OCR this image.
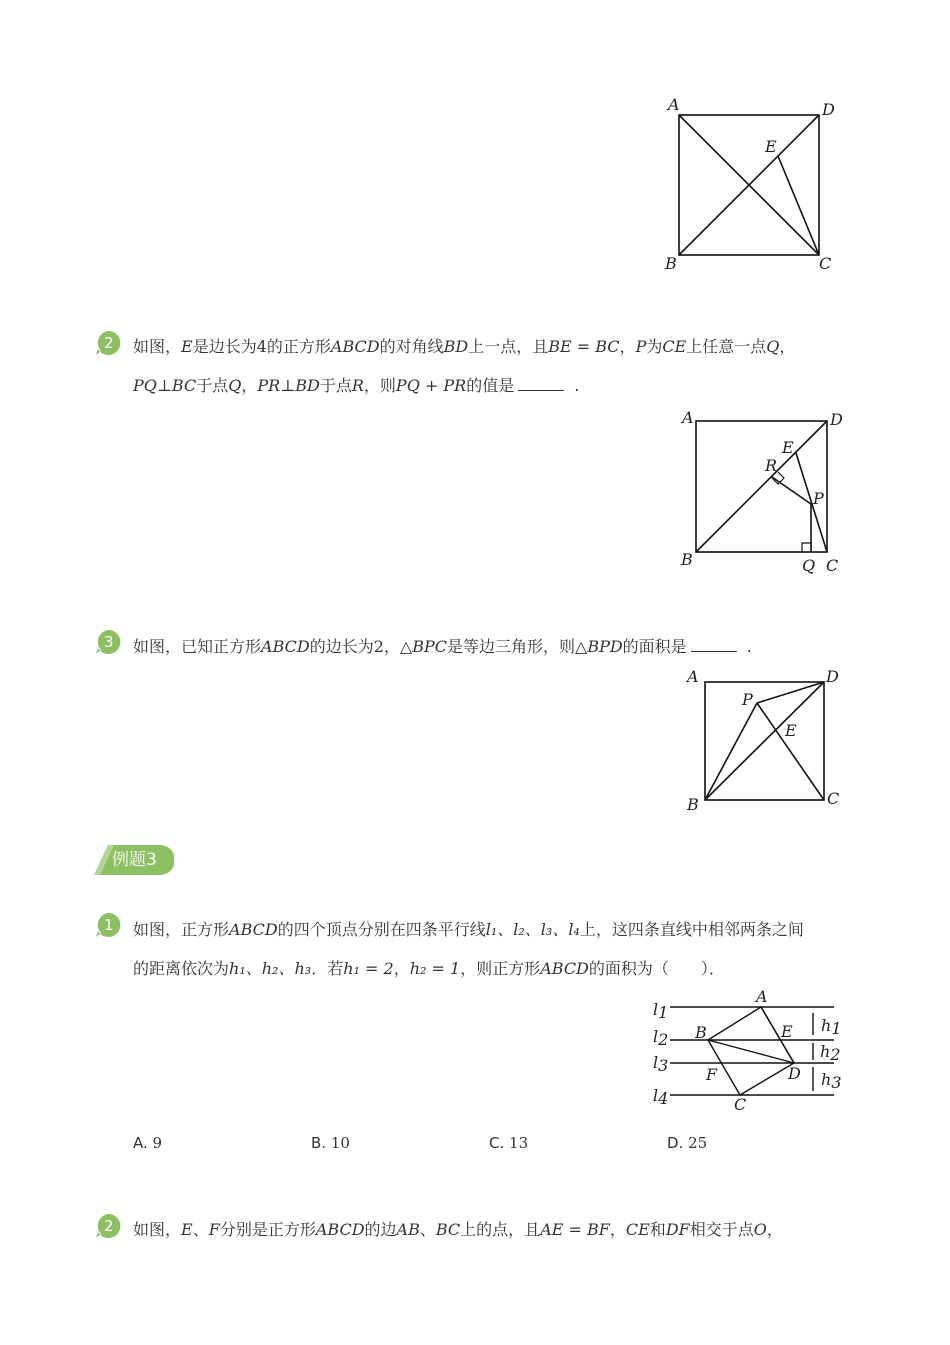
A	D
E
B	C
2 如图，E是边长为4的正方形ABCD的对角线BD上一点，且BE = BC，P为CE上任意一点Q，
PQ⊥BC于点Q，PR⊥BD于点R，则PQ + PR的值是	.
A	D
E
R
P
B	Q C
3 如图，已知正方形ABCD的边长为2，△BPC是等边三角形，则△BPD的面积是	.
A	D
P
E
B	C
例题3
1 如图，正方形ABCD的四个顶点分别在四条平行线l₁、l₂、l₃、l₄上，这四条直线中相邻两条之间
的距离依次为h₁、h₂、h₃．若h₁ = 2，h₂ = 1，则正方形ABCD的面积为（　　）．
l1
l2
l3
l4
A
B	E
F	D
C
h1
h2
h3
A. 9	B. 10	C. 13	D. 25
2 如图，E、F分别是正方形ABCD的边AB、BC上的点，且AE = BF，CE和DF相交于点O，
